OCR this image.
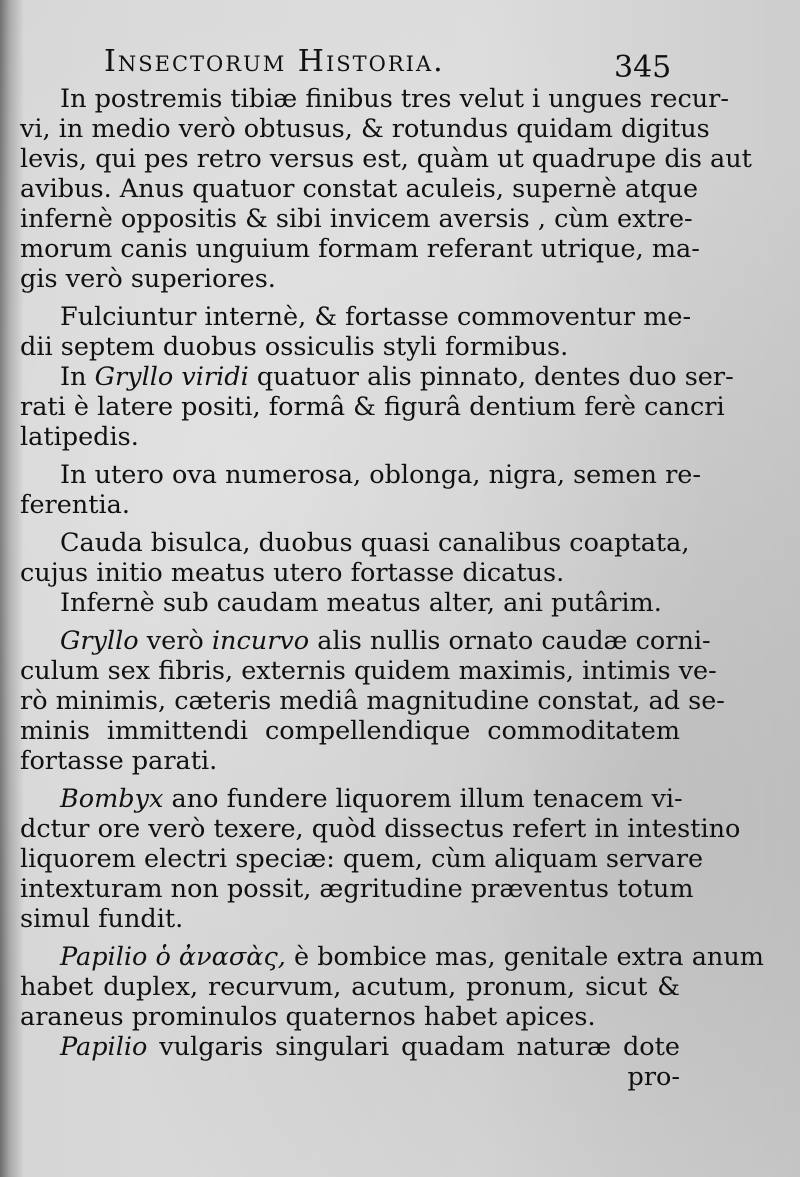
Insectorum Historia.	345
In postremis tibiæ finibus tres velut i ungues recur-
vi, in medio verò obtusus, & rotundus quidam digitus
levis, qui pes retro versus est, quàm ut quadrupe dis aut
avibus. Anus quatuor constat aculeis, supernè atque
infernè oppositis & sibi invicem aversis , cùm extre-
morum canis unguium formam referant utrique, ma-
gis verò superiores.
Fulciuntur internè, & fortasse commoventur me-
dii septem duobus ossiculis styli formibus.
In Gryllo viridi quatuor alis pinnato, dentes duo ser-
rati è latere positi, formâ & figurâ dentium ferè cancri
latipedis.
In utero ova numerosa, oblonga, nigra, semen re-
ferentia.
Cauda bisulca, duobus quasi canalibus coaptata,
cujus initio meatus utero fortasse dicatus.
Infernè sub caudam meatus alter, ani putârim.
Gryllo verò incurvo alis nullis ornato caudæ corni-
culum sex fibris, externis quidem maximis, intimis ve-
rò minimis, cæteris mediâ magnitudine constat, ad se-
minis immittendi compellendique commoditatem
fortasse parati.
Bombyx ano fundere liquorem illum tenacem vi-
dctur ore verò texere, quòd dissectus refert in intestino
liquorem electri speciæ: quem, cùm aliquam servare
intexturam non possit, ægritudine præventus totum
simul fundit.
Papilio ὁ ἀνασὰς, è bombice mas, genitale extra anum
habet duplex, recurvum, acutum, pronum, sicut &
araneus prominulos quaternos habet apices.
Papilio vulgaris singulari quadam naturæ dote
pro-
